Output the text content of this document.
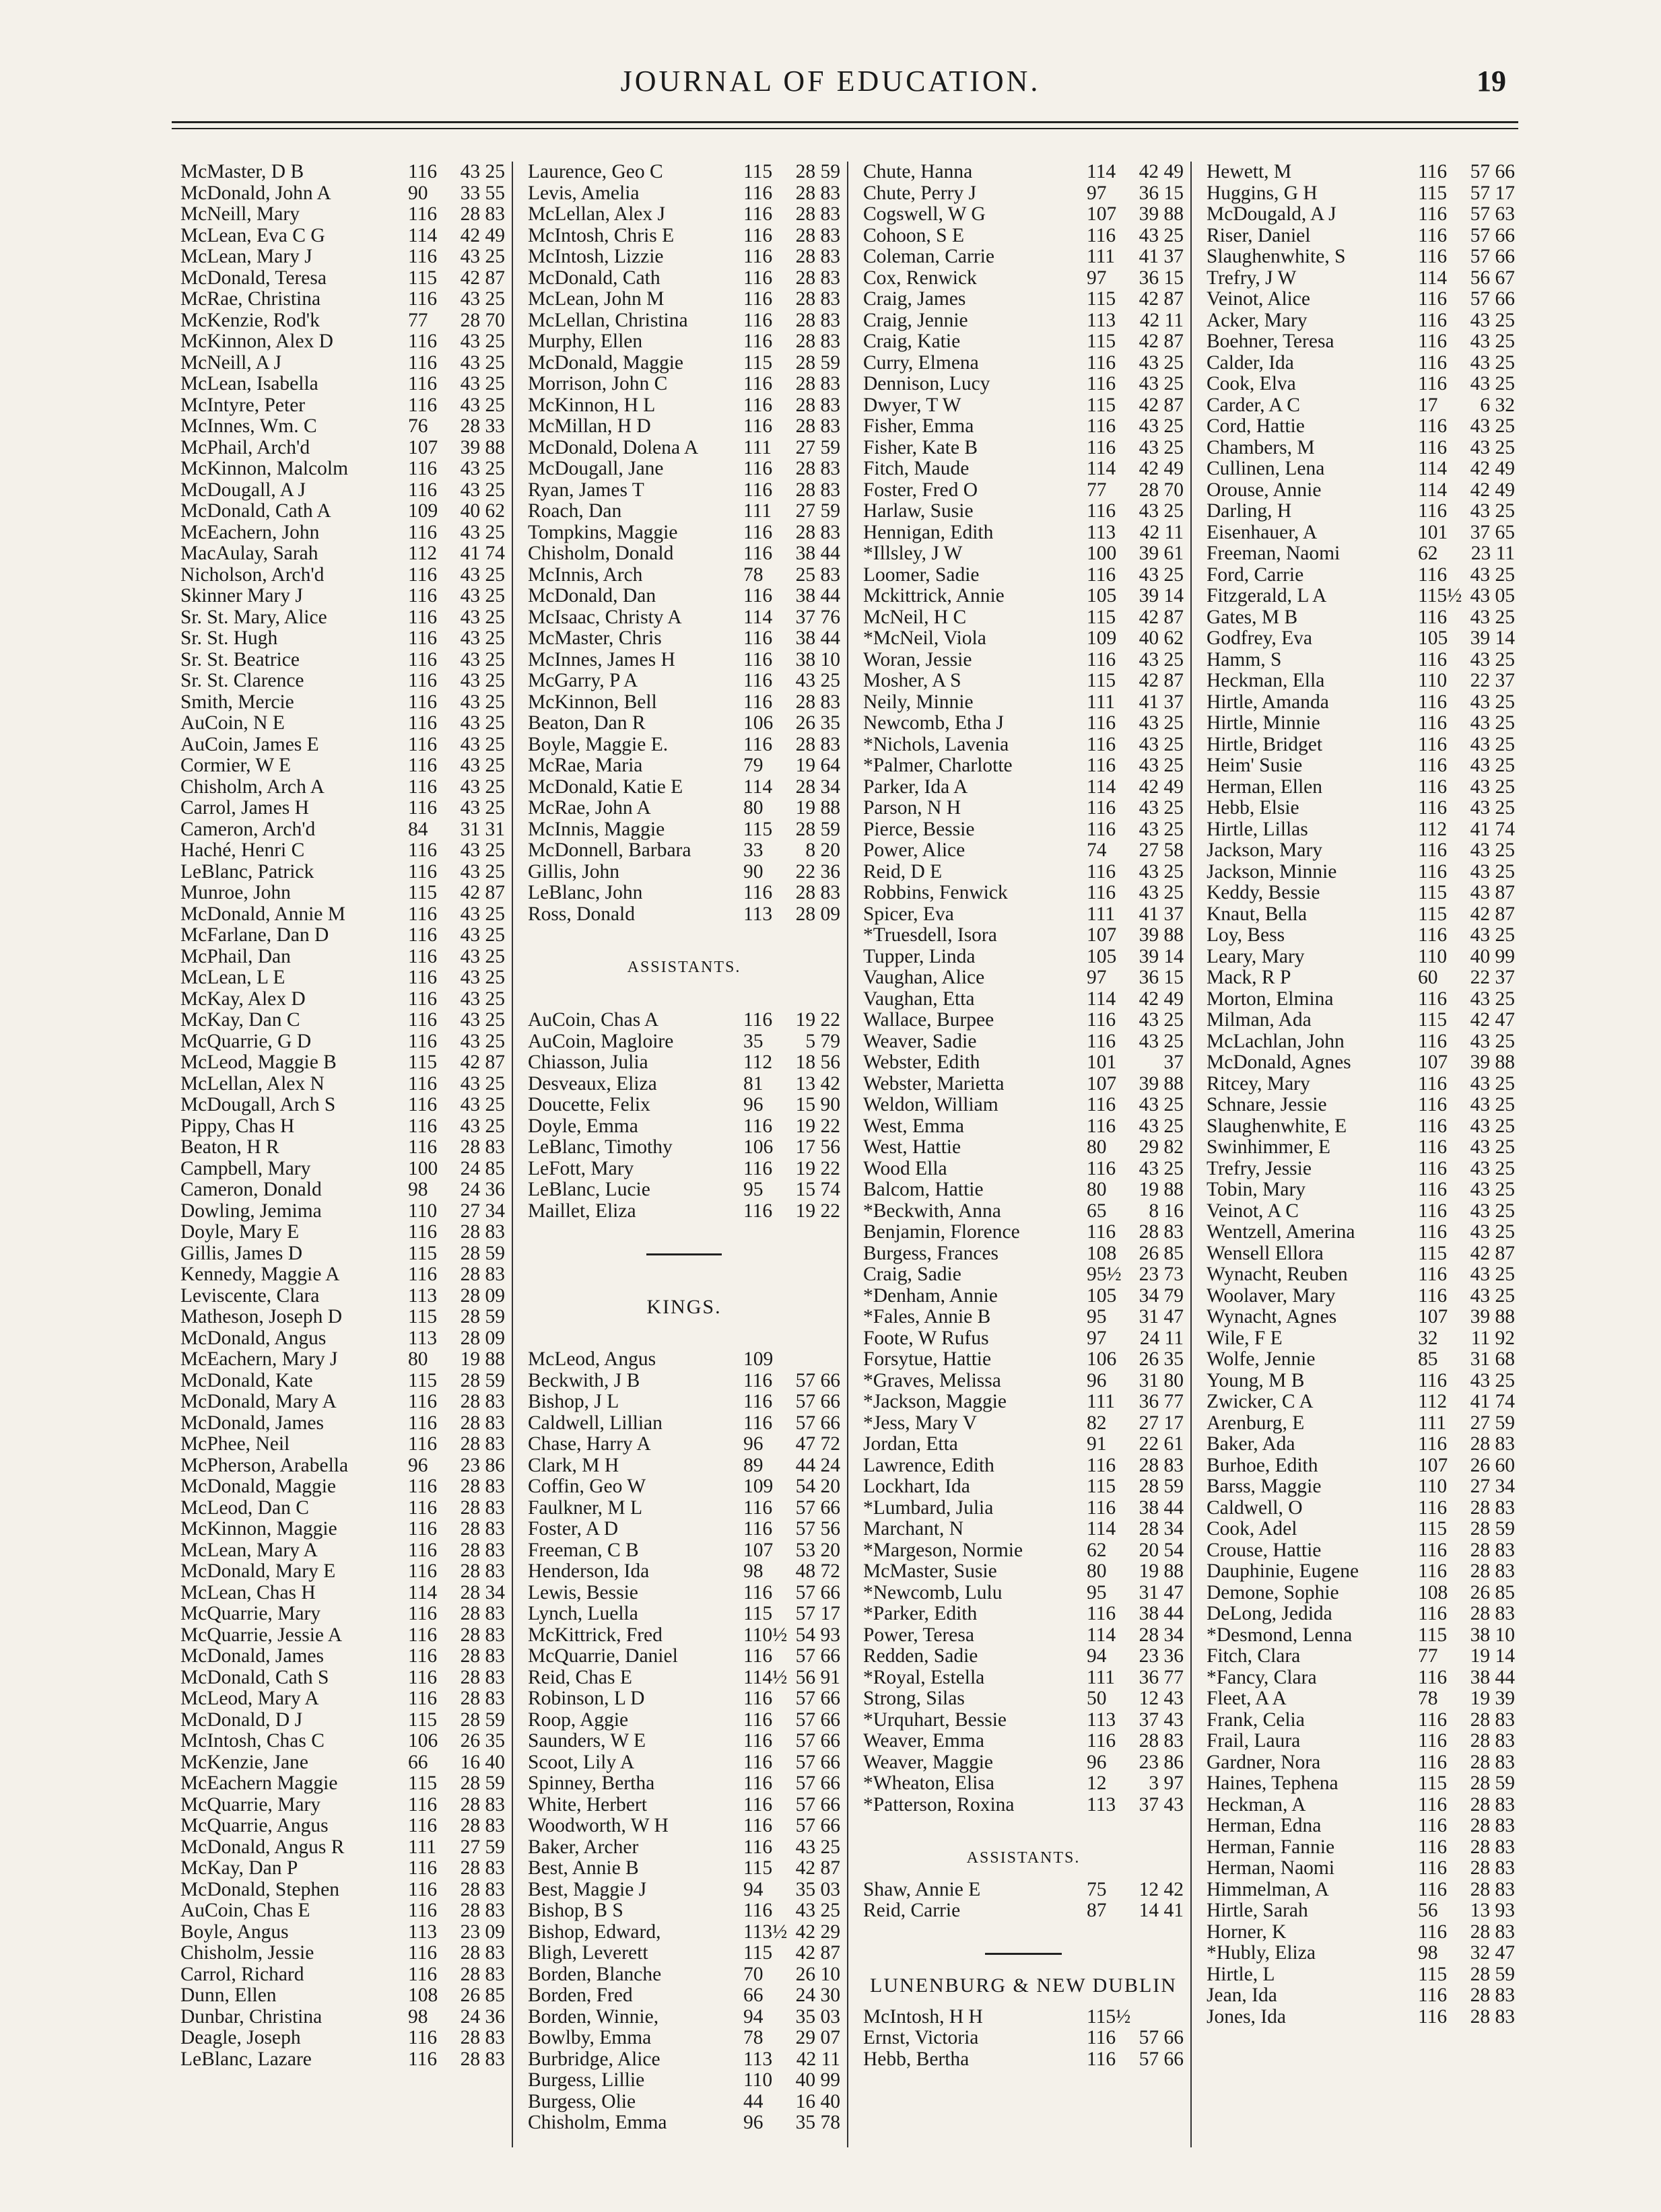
JOURNAL OF EDUCATION.	19
McMaster, D B	116	43 25
McDonald, John A	90	33 55
McNeill, Mary	116	28 83
McLean, Eva C G	114	42 49
McLean, Mary J	116	43 25
McDonald, Teresa	115	42 87
McRae, Christina	116	43 25
McKenzie, Rod'k	77	28 70
McKinnon, Alex D	116	43 25
McNeill, A J	116	43 25
McLean, Isabella	116	43 25
McIntyre, Peter	116	43 25
McInnes, Wm. C	76	28 33
McPhail, Arch'd	107	39 88
McKinnon, Malcolm	116	43 25
McDougall, A J	116	43 25
McDonald, Cath A	109	40 62
McEachern, John	116	43 25
MacAulay, Sarah	112	41 74
Nicholson, Arch'd	116	43 25
Skinner Mary J	116	43 25
Sr. St. Mary, Alice	116	43 25
Sr. St. Hugh	116	43 25
Sr. St. Beatrice	116	43 25
Sr. St. Clarence	116	43 25
Smith, Mercie	116	43 25
AuCoin, N E	116	43 25
AuCoin, James E	116	43 25
Cormier, W E	116	43 25
Chisholm, Arch A	116	43 25
Carrol, James H	116	43 25
Cameron, Arch'd	84	31 31
Haché, Henri C	116	43 25
LeBlanc, Patrick	116	43 25
Munroe, John	115	42 87
McDonald, Annie M	116	43 25
McFarlane, Dan D	116	43 25
McPhail, Dan	116	43 25
McLean, L E	116	43 25
McKay, Alex D	116	43 25
McKay, Dan C	116	43 25
McQuarrie, G D	116	43 25
McLeod, Maggie B	115	42 87
McLellan, Alex N	116	43 25
McDougall, Arch S	116	43 25
Pippy, Chas H	116	43 25
Beaton, H R	116	28 83
Campbell, Mary	100	24 85
Cameron, Donald	98	24 36
Dowling, Jemima	110	27 34
Doyle, Mary E	116	28 83
Gillis, James D	115	28 59
Kennedy, Maggie A	116	28 83
Leviscente, Clara	113	28 09
Matheson, Joseph D	115	28 59
McDonald, Angus	113	28 09
McEachern, Mary J	80	19 88
McDonald, Kate	115	28 59
McDonald, Mary A	116	28 83
McDonald, James	116	28 83
McPhee, Neil	116	28 83
McPherson, Arabella	96	23 86
McDonald, Maggie	116	28 83
McLeod, Dan C	116	28 83
McKinnon, Maggie	116	28 83
McLean, Mary A	116	28 83
McDonald, Mary E	116	28 83
McLean, Chas H	114	28 34
McQuarrie, Mary	116	28 83
McQuarrie, Jessie A	116	28 83
McDonald, James	116	28 83
McDonald, Cath S	116	28 83
McLeod, Mary A	116	28 83
McDonald, D J	115	28 59
McIntosh, Chas C	106	26 35
McKenzie, Jane	66	16 40
McEachern Maggie	115	28 59
McQuarrie, Mary	116	28 83
McQuarrie, Angus	116	28 83
McDonald, Angus R	111	27 59
McKay, Dan P	116	28 83
McDonald, Stephen	116	28 83
AuCoin, Chas E	116	28 83
Boyle, Angus	113	23 09
Chisholm, Jessie	116	28 83
Carrol, Richard	116	28 83
Dunn, Ellen	108	26 85
Dunbar, Christina	98	24 36
Deagle, Joseph	116	28 83
LeBlanc, Lazare	116	28 83
Laurence, Geo C	115	28 59
Levis, Amelia	116	28 83
McLellan, Alex J	116	28 83
McIntosh, Chris E	116	28 83
McIntosh, Lizzie	116	28 83
McDonald, Cath	116	28 83
McLean, John M	116	28 83
McLellan, Christina	116	28 83
Murphy, Ellen	116	28 83
McDonald, Maggie	115	28 59
Morrison, John C	116	28 83
McKinnon, H L	116	28 83
McMillan, H D	116	28 83
McDonald, Dolena A	111	27 59
McDougall, Jane	116	28 83
Ryan, James T	116	28 83
Roach, Dan	111	27 59
Tompkins, Maggie	116	28 83
Chisholm, Donald	116	38 44
McInnis, Arch	78	25 83
McDonald, Dan	116	38 44
McIsaac, Christy A	114	37 76
McMaster, Chris	116	38 44
McInnes, James H	116	38 10
McGarry, P A	116	43 25
McKinnon, Bell	116	28 83
Beaton, Dan R	106	26 35
Boyle, Maggie E.	116	28 83
McRae, Maria	79	19 64
McDonald, Katie E	114	28 34
McRae, John A	80	19 88
McInnis, Maggie	115	28 59
McDonnell, Barbara	33	8 20
Gillis, John	90	22 36
LeBlanc, John	116	28 83
Ross, Donald	113	28 09
ASSISTANTS.
AuCoin, Chas A	116	19 22
AuCoin, Magloire	35	5 79
Chiasson, Julia	112	18 56
Desveaux, Eliza	81	13 42
Doucette, Felix	96	15 90
Doyle, Emma	116	19 22
LeBlanc, Timothy	106	17 56
LeFott, Mary	116	19 22
LeBlanc, Lucie	95	15 74
Maillet, Eliza	116	19 22
KINGS.
McLeod, Angus	109
Beckwith, J B	116	57 66
Bishop, J L	116	57 66
Caldwell, Lillian	116	57 66
Chase, Harry A	96	47 72
Clark, M H	89	44 24
Coffin, Geo W	109	54 20
Faulkner, M L	116	57 66
Foster, A D	116	57 56
Freeman, C B	107	53 20
Henderson, Ida	98	48 72
Lewis, Bessie	116	57 66
Lynch, Luella	115	57 17
McKittrick, Fred	110½ 54 93
McQuarrie, Daniel	116	57 66
Reid, Chas E	114½ 56 91
Robinson, L D	116	57 66
Roop, Aggie	116	57 66
Saunders, W E	116	57 66
Scoot, Lily A	116	57 66
Spinney, Bertha	116	57 66
White, Herbert	116	57 66
Woodworth, W H	116	57 66
Baker, Archer	116	43 25
Best, Annie B	115	42 87
Best, Maggie J	94	35 03
Bishop, B S	116	43 25
Bishop, Edward,	113½ 42 29
Bligh, Leverett	115	42 87
Borden, Blanche	70	26 10
Borden, Fred	66	24 30
Borden, Winnie,	94	35 03
Bowlby, Emma	78	29 07
Burbridge, Alice	113	42 11
Burgess, Lillie	110	40 99
Burgess, Olie	44	16 40
Chisholm, Emma	96	35 78
Chute, Hanna	114	42 49
Chute, Perry J	97	36 15
Cogswell, W G	107	39 88
Cohoon, S E	116	43 25
Coleman, Carrie	111	41 37
Cox, Renwick	97	36 15
Craig, James	115	42 87
Craig, Jennie	113	42 11
Craig, Katie	115	42 87
Curry, Elmena	116	43 25
Dennison, Lucy	116	43 25
Dwyer, T W	115	42 87
Fisher, Emma	116	43 25
Fisher, Kate B	116	43 25
Fitch, Maude	114	42 49
Foster, Fred O	77	28 70
Harlaw, Susie	116	43 25
Hennigan, Edith	113	42 11
*Illsley, J W	100	39 61
Loomer, Sadie	116	43 25
Mckittrick, Annie	105	39 14
McNeil, H C	115	42 87
*McNeil, Viola	109	40 62
Woran, Jessie	116	43 25
Mosher, A S	115	42 87
Neily, Minnie	111	41 37
Newcomb, Etha J	116	43 25
*Nichols, Lavenia	116	43 25
*Palmer, Charlotte	116	43 25
Parker, Ida A	114	42 49
Parson, N H	116	43 25
Pierce, Bessie	116	43 25
Power, Alice	74	27 58
Reid, D E	116	43 25
Robbins, Fenwick	116	43 25
Spicer, Eva	111	41 37
*Truesdell, Isora	107	39 88
Tupper, Linda	105	39 14
Vaughan, Alice	97	36 15
Vaughan, Etta	114	42 49
Wallace, Burpee	116	43 25
Weaver, Sadie	116	43 25
Webster, Edith	101	37
Webster, Marietta	107	39 88
Weldon, William	116	43 25
West, Emma	116	43 25
West, Hattie	80	29 82
Wood Ella	116	43 25
Balcom, Hattie	80	19 88
*Beckwith, Anna	65	8 16
Benjamin, Florence	116	28 83
Burgess, Frances	108	26 85
Craig, Sadie	95½ 23 73
*Denham, Annie	105	34 79
*Fales, Annie B	95	31 47
Foote, W Rufus	97	24 11
Forsytue, Hattie	106	26 35
*Graves, Melissa	96	31 80
*Jackson, Maggie	111	36 77
*Jess, Mary V	82	27 17
Jordan, Etta	91	22 61
Lawrence, Edith	116	28 83
Lockhart, Ida	115	28 59
*Lumbard, Julia	116	38 44
Marchant, N	114	28 34
*Margeson, Normie	62	20 54
McMaster, Susie	80	19 88
*Newcomb, Lulu	95	31 47
*Parker, Edith	116	38 44
Power, Teresa	114	28 34
Redden, Sadie	94	23 36
*Royal, Estella	111	36 77
Strong, Silas	50	12 43
*Urquhart, Bessie	113	37 43
Weaver, Emma	116	28 83
Weaver, Maggie	96	23 86
*Wheaton, Elisa	12	3 97
*Patterson, Roxina	113	37 43
ASSISTANTS.
Shaw, Annie E	75	12 42
Reid, Carrie	87	14 41
LUNENBURG & NEW DUBLIN
McIntosh, H H	115½
Ernst, Victoria	116	57 66
Hebb, Bertha	116	57 66
Hewett, M	116	57 66
Huggins, G H	115	57 17
McDougald, A J	116	57 63
Riser, Daniel	116	57 66
Slaughenwhite, S	116	57 66
Trefry, J W	114	56 67
Veinot, Alice	116	57 66
Acker, Mary	116	43 25
Boehner, Teresa	116	43 25
Calder, Ida	116	43 25
Cook, Elva	116	43 25
Carder, A C	17	6 32
Cord, Hattie	116	43 25
Chambers, M	116	43 25
Cullinen, Lena	114	42 49
Orouse, Annie	114	42 49
Darling, H	116	43 25
Eisenhauer, A	101	37 65
Freeman, Naomi	62	23 11
Ford, Carrie	116	43 25
Fitzgerald, L A	115½ 43 05
Gates, M B	116	43 25
Godfrey, Eva	105	39 14
Hamm, S	116	43 25
Heckman, Ella	110	22 37
Hirtle, Amanda	116	43 25
Hirtle, Minnie	116	43 25
Hirtle, Bridget	116	43 25
Heim' Susie	116	43 25
Herman, Ellen	116	43 25
Hebb, Elsie	116	43 25
Hirtle, Lillas	112	41 74
Jackson, Mary	116	43 25
Jackson, Minnie	116	43 25
Keddy, Bessie	115	43 87
Knaut, Bella	115	42 87
Loy, Bess	116	43 25
Leary, Mary	110	40 99
Mack, R P	60	22 37
Morton, Elmina	116	43 25
Milman, Ada	115	42 47
McLachlan, John	116	43 25
McDonald, Agnes	107	39 88
Ritcey, Mary	116	43 25
Schnare, Jessie	116	43 25
Slaughenwhite, E	116	43 25
Swinhimmer, E	116	43 25
Trefry, Jessie	116	43 25
Tobin, Mary	116	43 25
Veinot, A C	116	43 25
Wentzell, Amerina	116	43 25
Wensell Ellora	115	42 87
Wynacht, Reuben	116	43 25
Woolaver, Mary	116	43 25
Wynacht, Agnes	107	39 88
Wile, F E	32	11 92
Wolfe, Jennie	85	31 68
Young, M B	116	43 25
Zwicker, C A	112	41 74
Arenburg, E	111	27 59
Baker, Ada	116	28 83
Burhoe, Edith	107	26 60
Barss, Maggie	110	27 34
Caldwell, O	116	28 83
Cook, Adel	115	28 59
Crouse, Hattie	116	28 83
Dauphinie, Eugene	116	28 83
Demone, Sophie	108	26 85
DeLong, Jedida	116	28 83
*Desmond, Lenna	115	38 10
Fitch, Clara	77	19 14
*Fancy, Clara	116	38 44
Fleet, A A	78	19 39
Frank, Celia	116	28 83
Frail, Laura	116	28 83
Gardner, Nora	116	28 83
Haines, Tephena	115	28 59
Heckman, A	116	28 83
Herman, Edna	116	28 83
Herman, Fannie	116	28 83
Herman, Naomi	116	28 83
Himmelman, A	116	28 83
Hirtle, Sarah	56	13 93
Horner, K	116	28 83
*Hubly, Eliza	98	32 47
Hirtle, L	115	28 59
Jean, Ida	116	28 83
Jones, Ida	116	28 83
